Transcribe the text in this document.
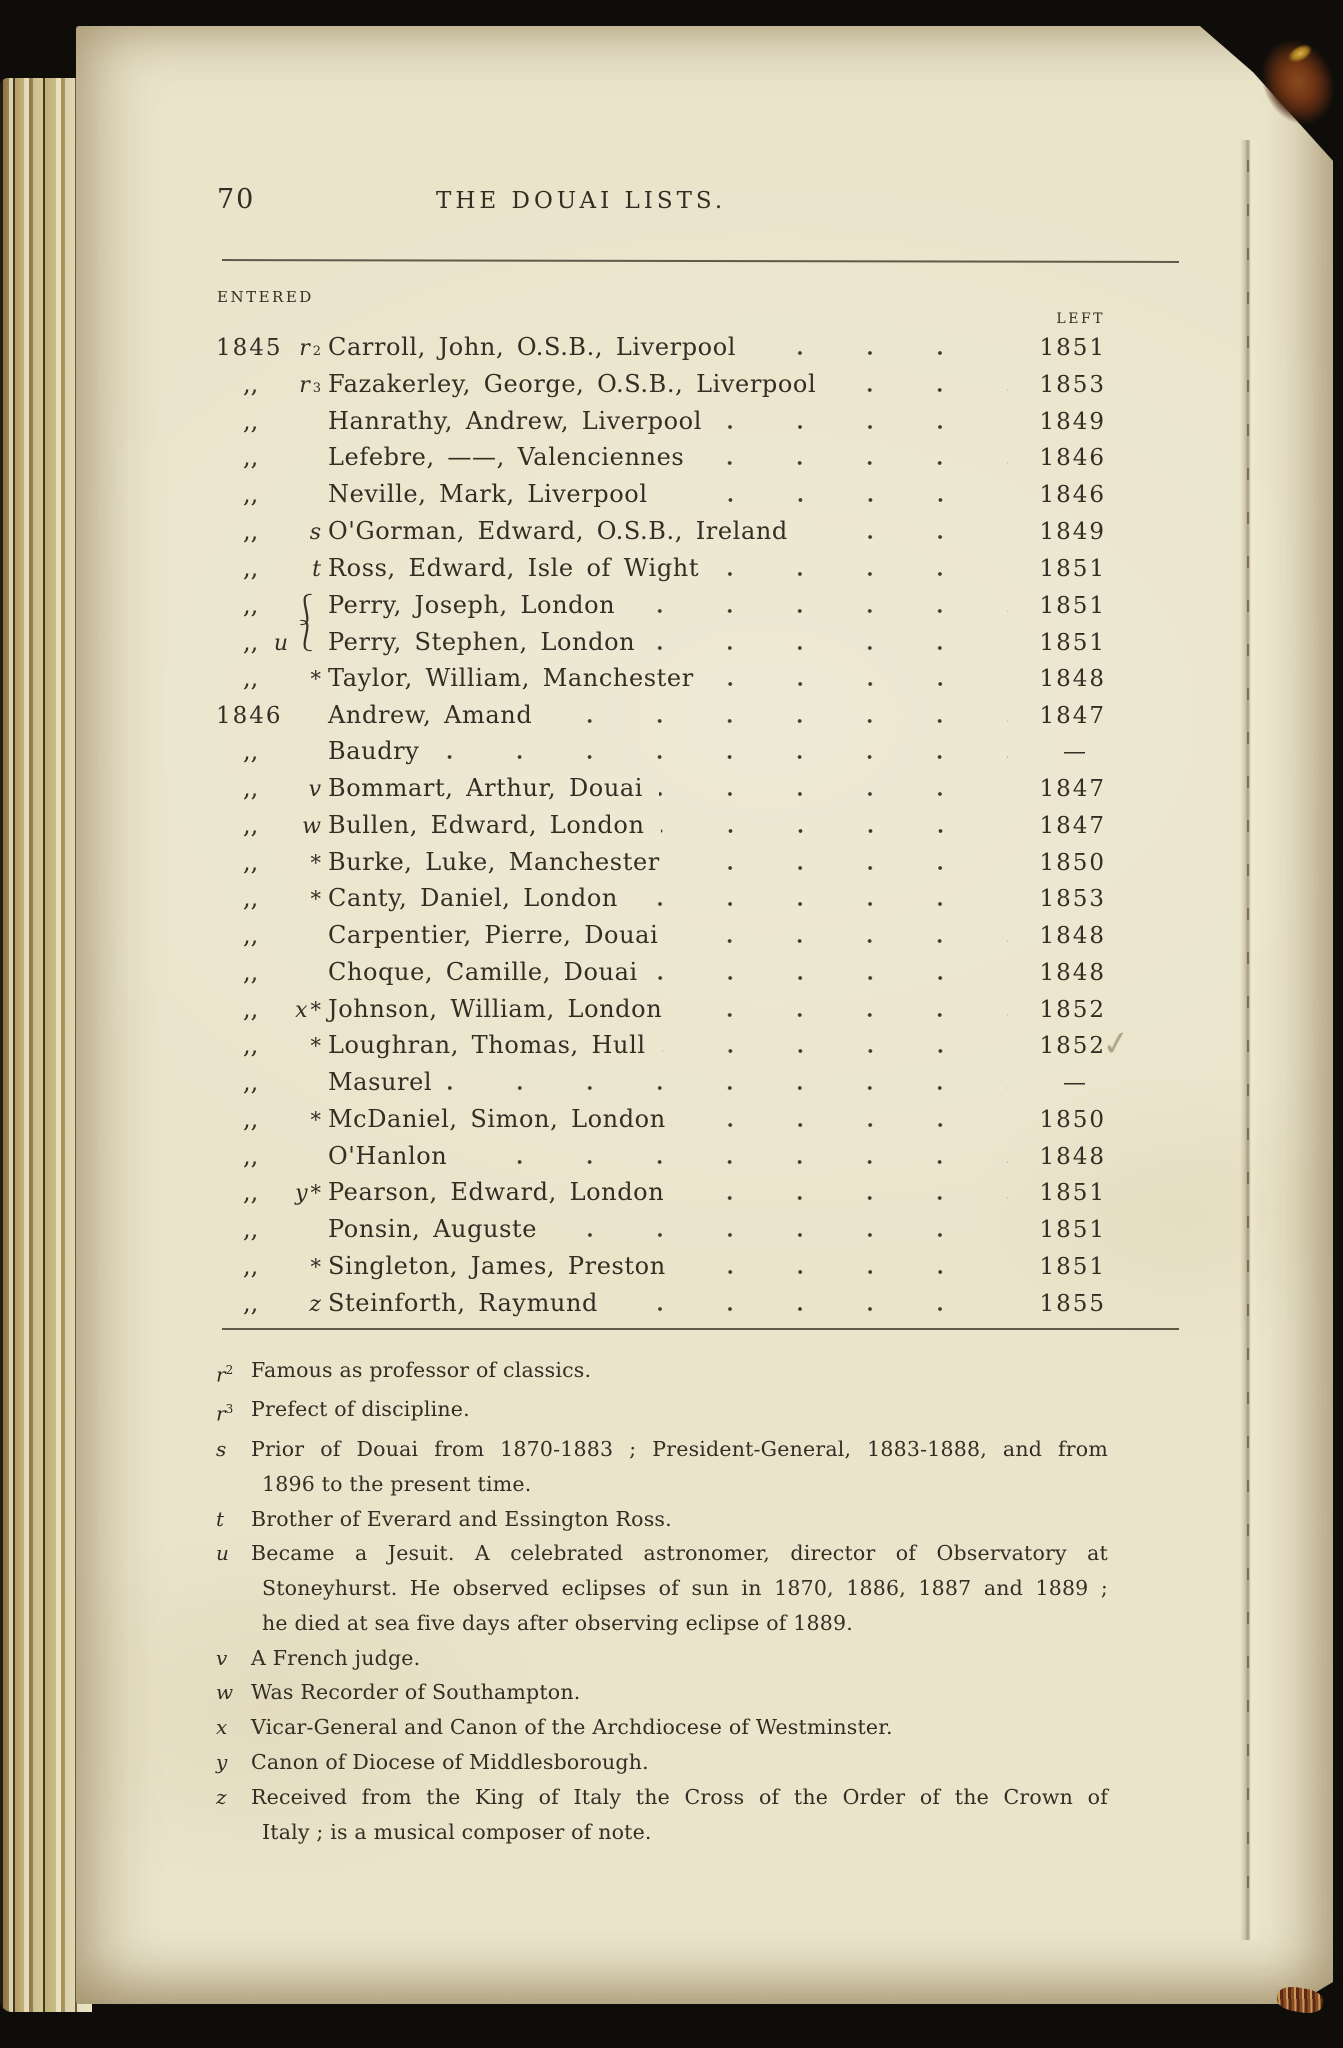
70	THE DOUAI LISTS.
ENTERED
LEFT
1845 r 2 Carroll, John, O.S.B., Liverpool	1851
,,	r 3 Fazakerley, George, O.S.B., Liverpool	1853
,,	Hanrathy, Andrew, Liverpool	1849
,,	Lefebre, ——, Valenciennes	1846
,,	Neville, Mark, Liverpool	1846
,,	s O'Gorman, Edward, O.S.B., Ireland	1849
,,	t Ross, Edward, Isle of Wight	1851
,,	⎰ Perry, Joseph, London	1851
,, u ⎱ Perry, Stephen, London	1851
,,	* Taylor, William, Manchester	1848
1846 Andrew, Amand	1847
,,	Baudry	—
,,	v Bommart, Arthur, Douai	1847
,,	w Bullen, Edward, London	1847
,,	* Burke, Luke, Manchester	1850
,,	* Canty, Daniel, London	1853
,,	Carpentier, Pierre, Douai	1848
,,	Choque, Camille, Douai	1848
,,	x * Johnson, William, London	1852
,,	* Loughran, Thomas, Hull	1852
,,	Masurel	—
,,	* McDaniel, Simon, London	1850
,,	O'Hanlon	1848
,,	y * Pearson, Edward, London	1851
,,	Ponsin, Auguste	1851
,,	* Singleton, James, Preston	1851
,,	z Steinforth, Raymund	1855
$r^2$ Famous as professor of classics.
$r^3$ Prefect of discipline.
s	Prior of Douai from 1870-1883 ; President-General, 1883-1888, and from
1896 to the present time.
t	Brother of Everard and Essington Ross.
u	Became a Jesuit. A celebrated astronomer, director of Observatory at
Stoneyhurst. He observed eclipses of sun in 1870, 1886, 1887 and 1889 ;
he died at sea five days after observing eclipse of 1889.
v	A French judge.
w Was Recorder of Southampton.
x	Vicar-General and Canon of the Archdiocese of Westminster.
y	Canon of Diocese of Middlesborough.
z	Received from the King of Italy the Cross of the Order of the Crown of
Italy ; is a musical composer of note.
✓
